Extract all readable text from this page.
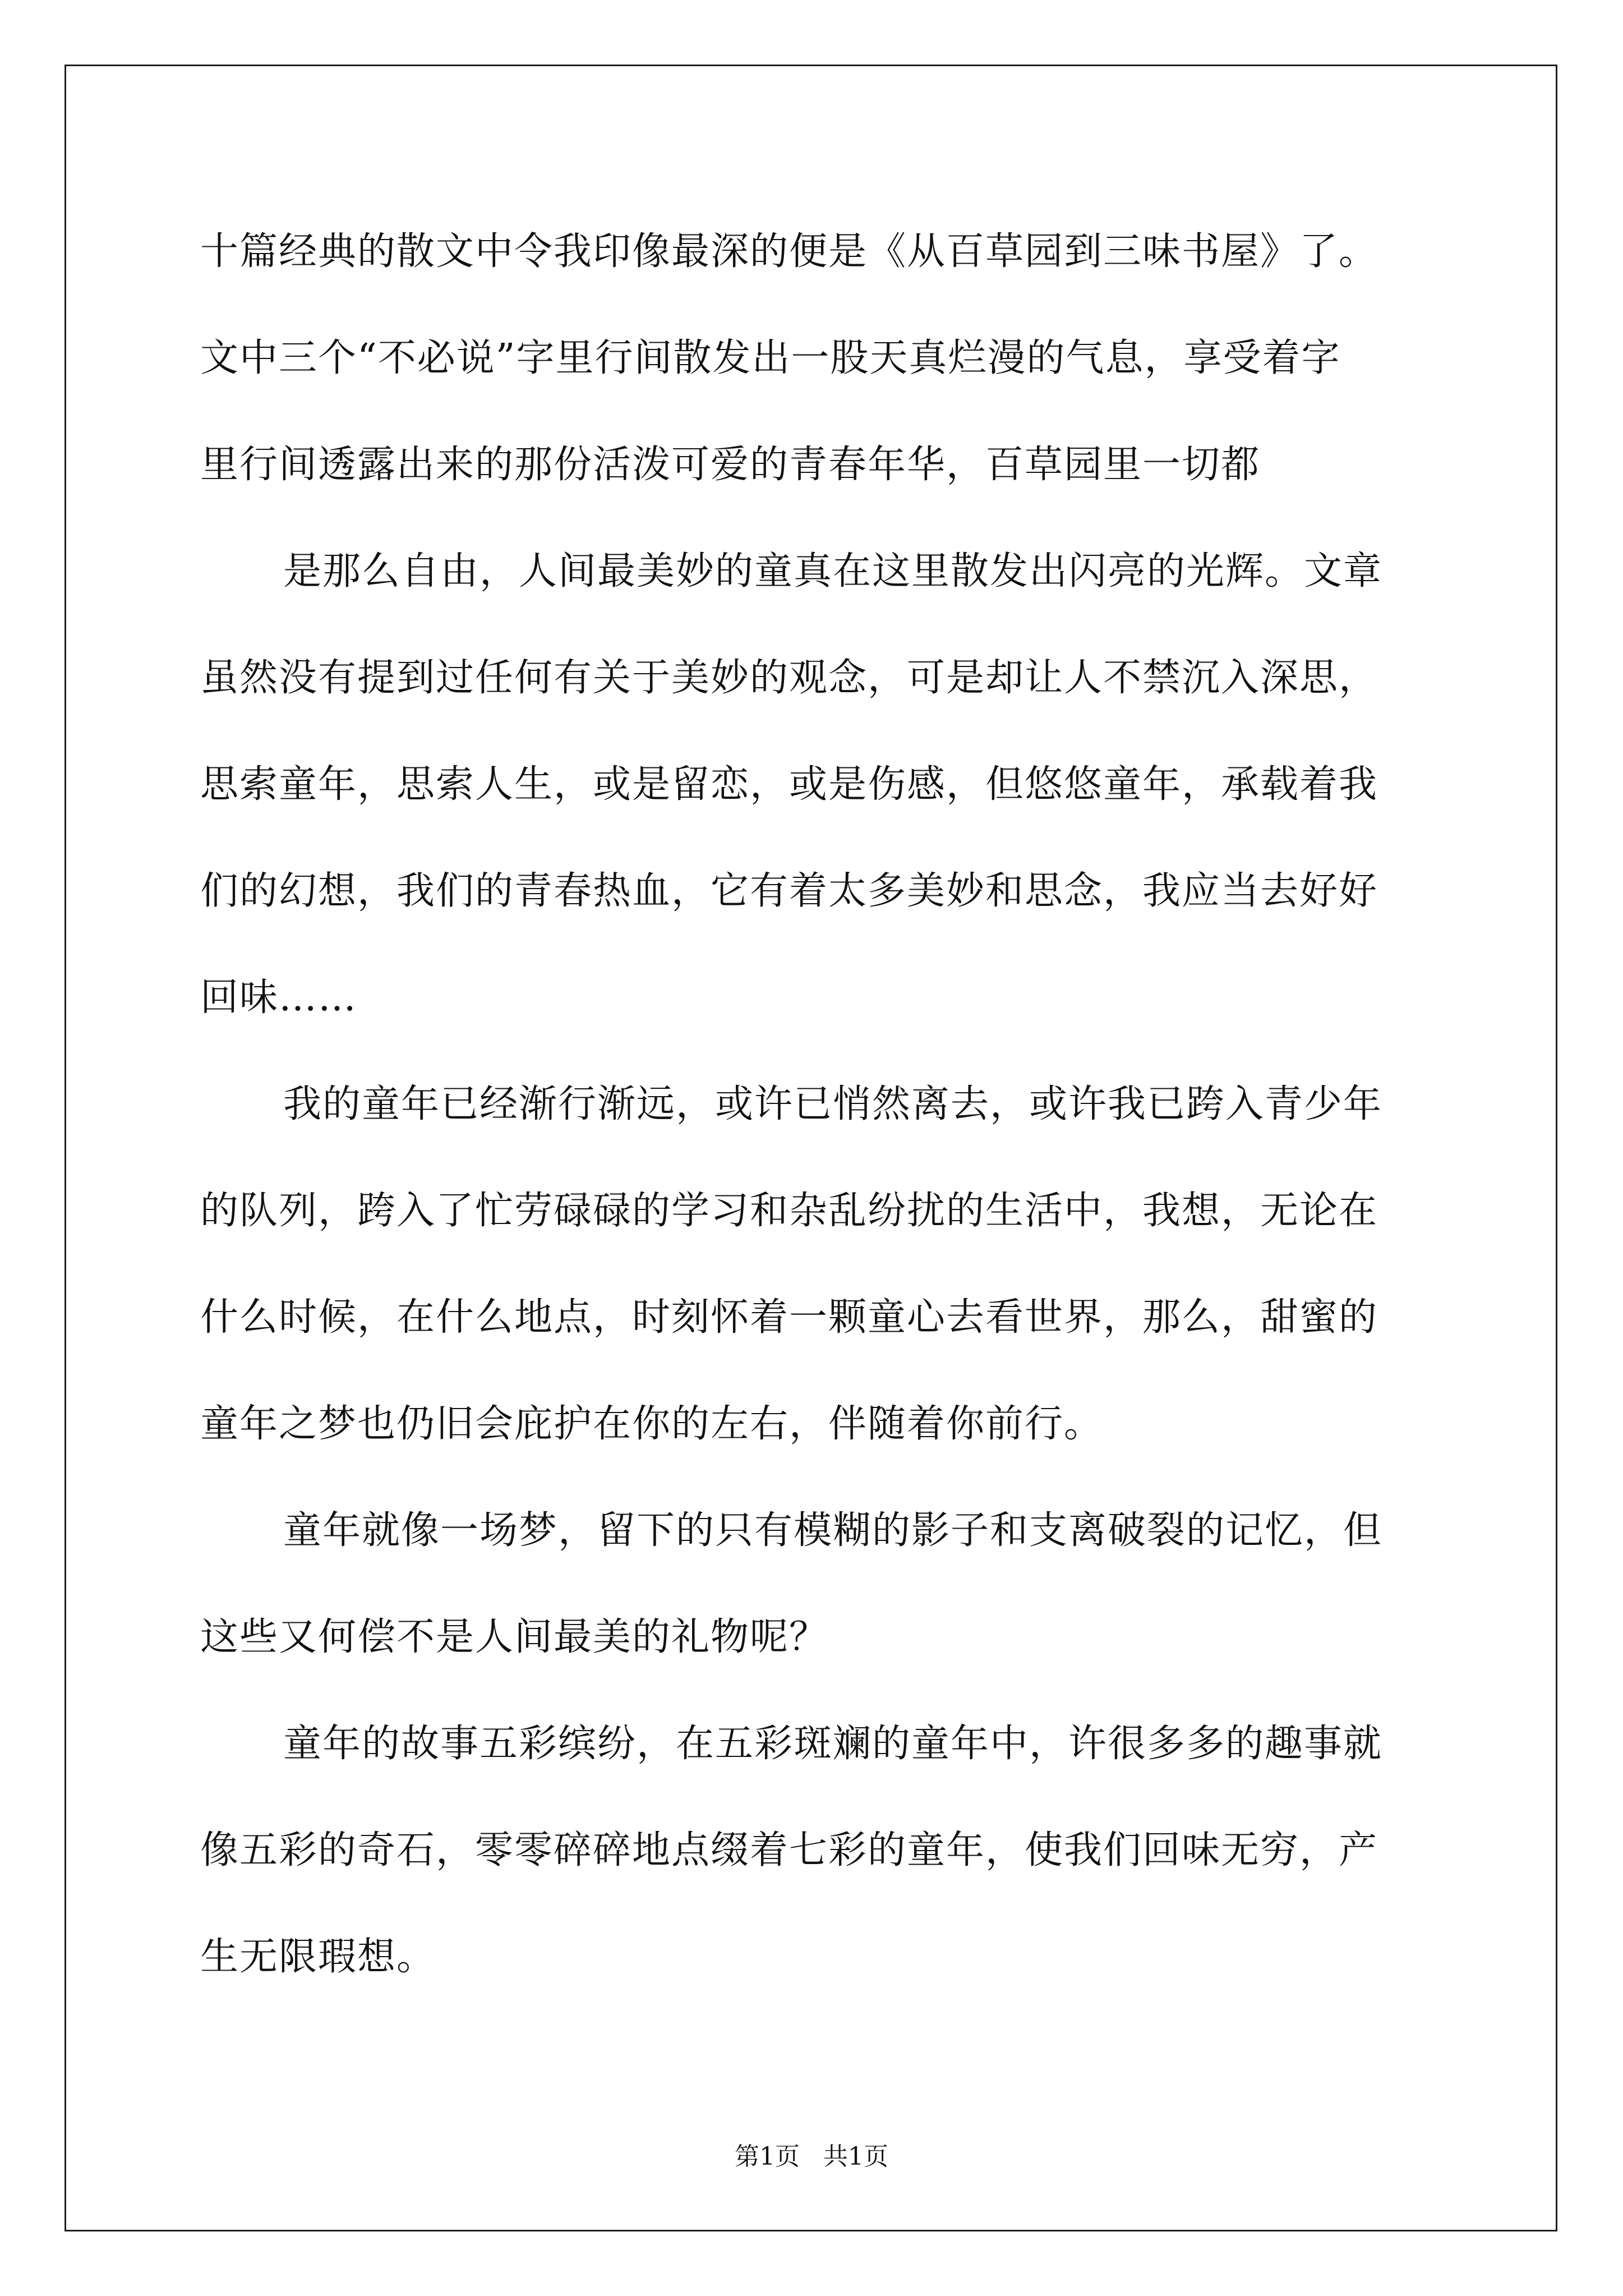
十篇经典的散文中令我印像最深的便是《从百草园到三味书屋》了。
文中三个“不必说”字里行间散发出一股天真烂漫的气息，享受着字
里行间透露出来的那份活泼可爱的青春年华，百草园里一切都
是那么自由，人间最美妙的童真在这里散发出闪亮的光辉。文章
虽然没有提到过任何有关于美妙的观念，可是却让人不禁沉入深思，
思索童年，思索人生，或是留恋，或是伤感，但悠悠童年，承载着我
们的幻想，我们的青春热血，它有着太多美妙和思念，我应当去好好
回味……
我的童年已经渐行渐远，或许已悄然离去，或许我已跨入青少年
的队列，跨入了忙劳碌碌的学习和杂乱纷扰的生活中，我想，无论在
什么时候，在什么地点，时刻怀着一颗童心去看世界，那么，甜蜜的
童年之梦也仍旧会庇护在你的左右，伴随着你前行。
童年就像一场梦，留下的只有模糊的影子和支离破裂的记忆，但
这些又何偿不是人间最美的礼物呢？
童年的故事五彩缤纷，在五彩斑斓的童年中，许很多多的趣事就
像五彩的奇石，零零碎碎地点缀着七彩的童年，使我们回味无穷，产
生无限瑕想。
第1页   共1页
